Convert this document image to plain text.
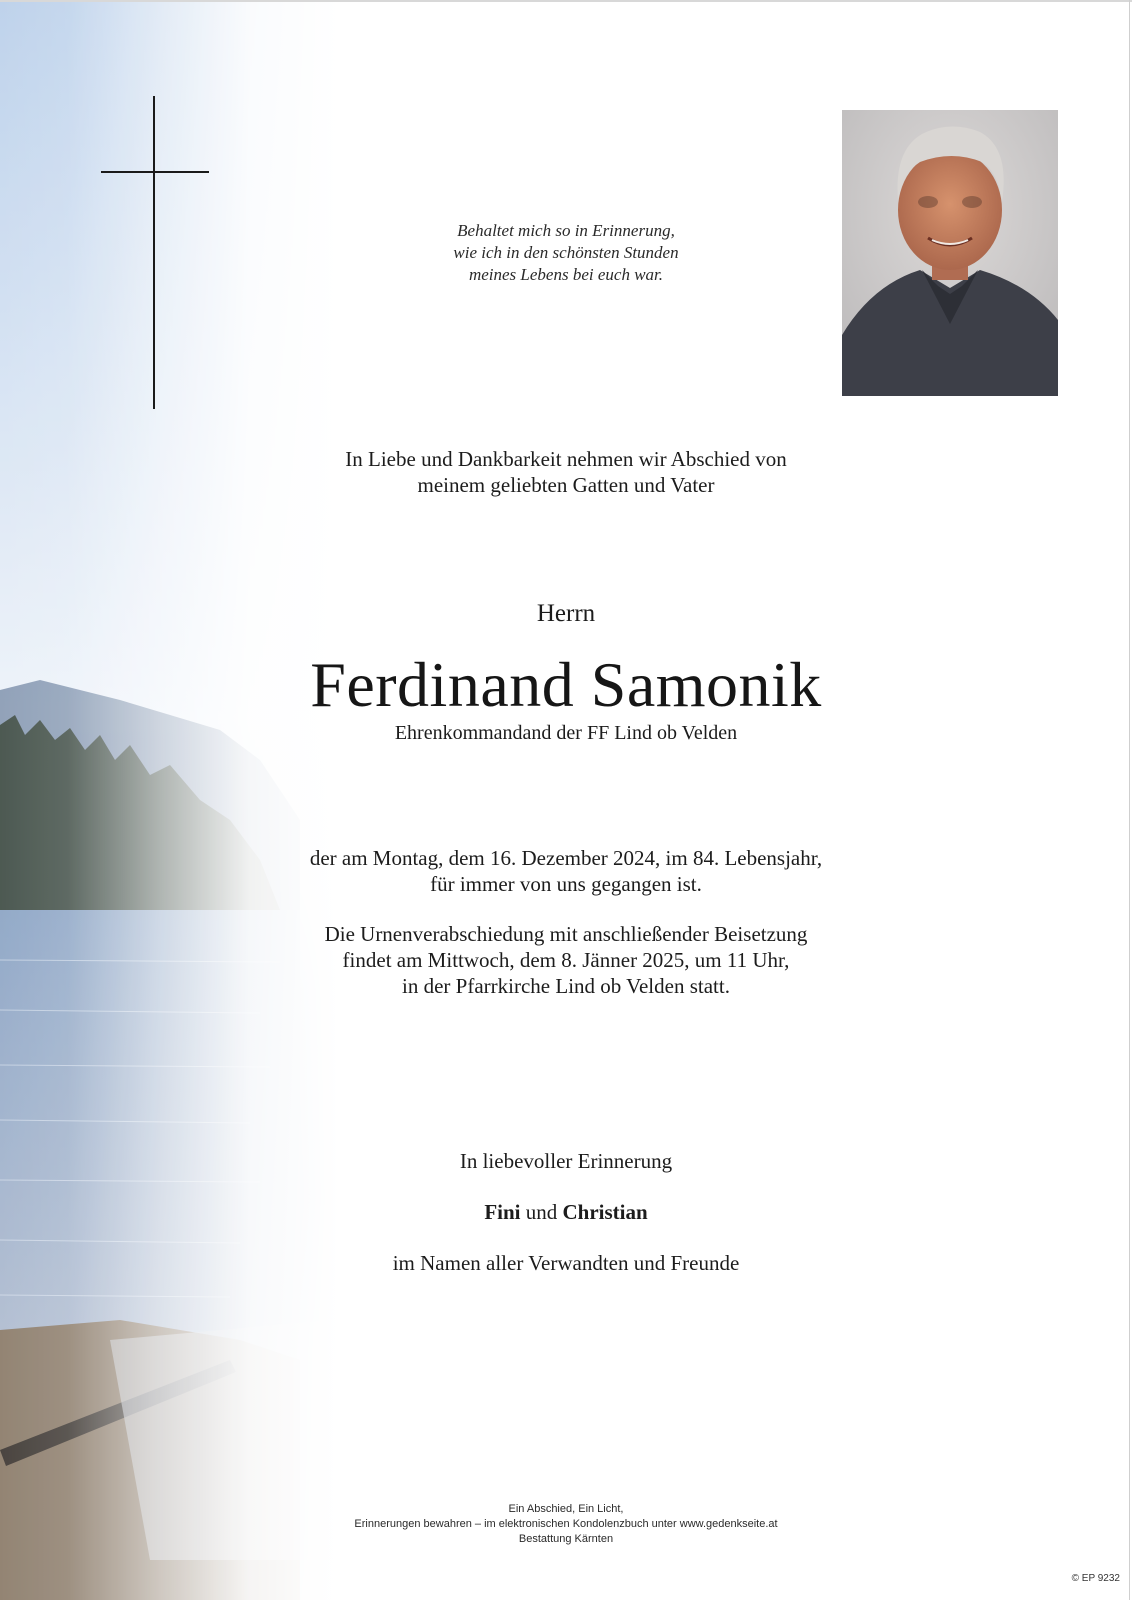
Behaltet mich so in Erinnerung,
wie ich in den schönsten Stunden
meines Lebens bei euch war.
In Liebe und Dankbarkeit nehmen wir Abschied von
meinem geliebten Gatten und Vater
Herrn
Ferdinand Samonik
Ehrenkommandand der FF Lind ob Velden
der am Montag, dem 16. Dezember 2024, im 84. Lebensjahr,
für immer von uns gegangen ist.
Die Urnenverabschiedung mit anschließender Beisetzung
findet am Mittwoch, dem 8. Jänner 2025, um 11 Uhr,
in der Pfarrkirche Lind ob Velden statt.
In liebevoller Erinnerung
Fini und Christian
im Namen aller Verwandten und Freunde
Ein Abschied, Ein Licht,
Erinnerungen bewahren – im elektronischen Kondolenzbuch unter www.gedenkseite.at
Bestattung Kärnten
© EP 9232
